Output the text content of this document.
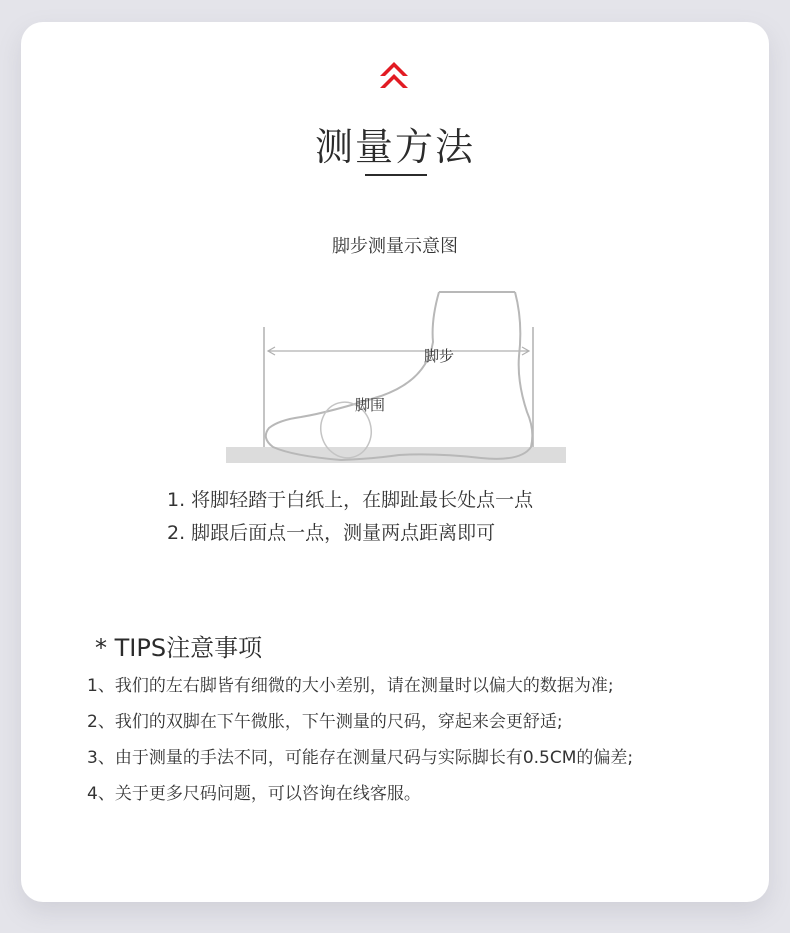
测量方法
脚步测量示意图
脚步
脚围
1. 将脚轻踏于白纸上，在脚趾最长处点一点
2. 脚跟后面点一点，测量两点距离即可
* TIPS注意事项
1、我们的左右脚皆有细微的大小差别，请在测量时以偏大的数据为准;
2、我们的双脚在下午微胀，下午测量的尺码，穿起来会更舒适;
3、由于测量的手法不同，可能存在测量尺码与实际脚长有0.5CM的偏差;
4、关于更多尺码问题，可以咨询在线客服。
